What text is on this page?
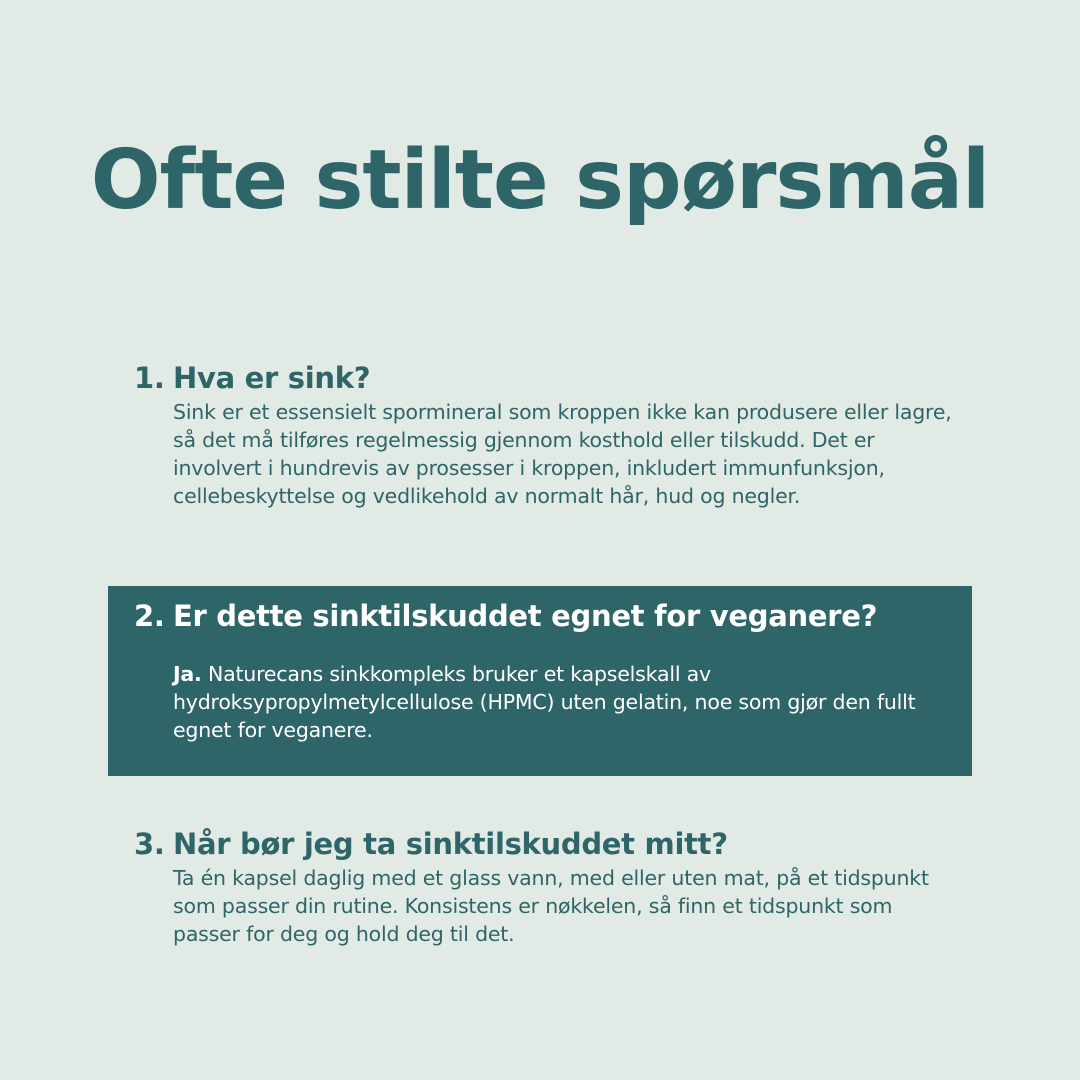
Ofte stilte spørsmål
1. Hva er sink?

Sink er et essensielt spormineral som kroppen ikke kan produsere eller lagre, så det må tilføres regelmessig gjennom kosthold eller tilskudd. Det er involvert i hundrevis av prosesser i kroppen, inkludert immunfunksjon, cellebeskyttelse og vedlikehold av normalt hår, hud og negler.

2. Er dette sinktilskuddet egnet for veganere?

Ja. Naturecans sinkkompleks bruker et kapselskall av hydroksypropylmetylcellulose (HPMC) uten gelatin, noe som gjør den fullt egnet for veganere.

3. Når bør jeg ta sinktilskuddet mitt?

Ta én kapsel daglig med et glass vann, med eller uten mat, på et tidspunkt som passer din rutine. Konsistens er nøkkelen, så finn et tidspunkt som passer for deg og hold deg til det.
